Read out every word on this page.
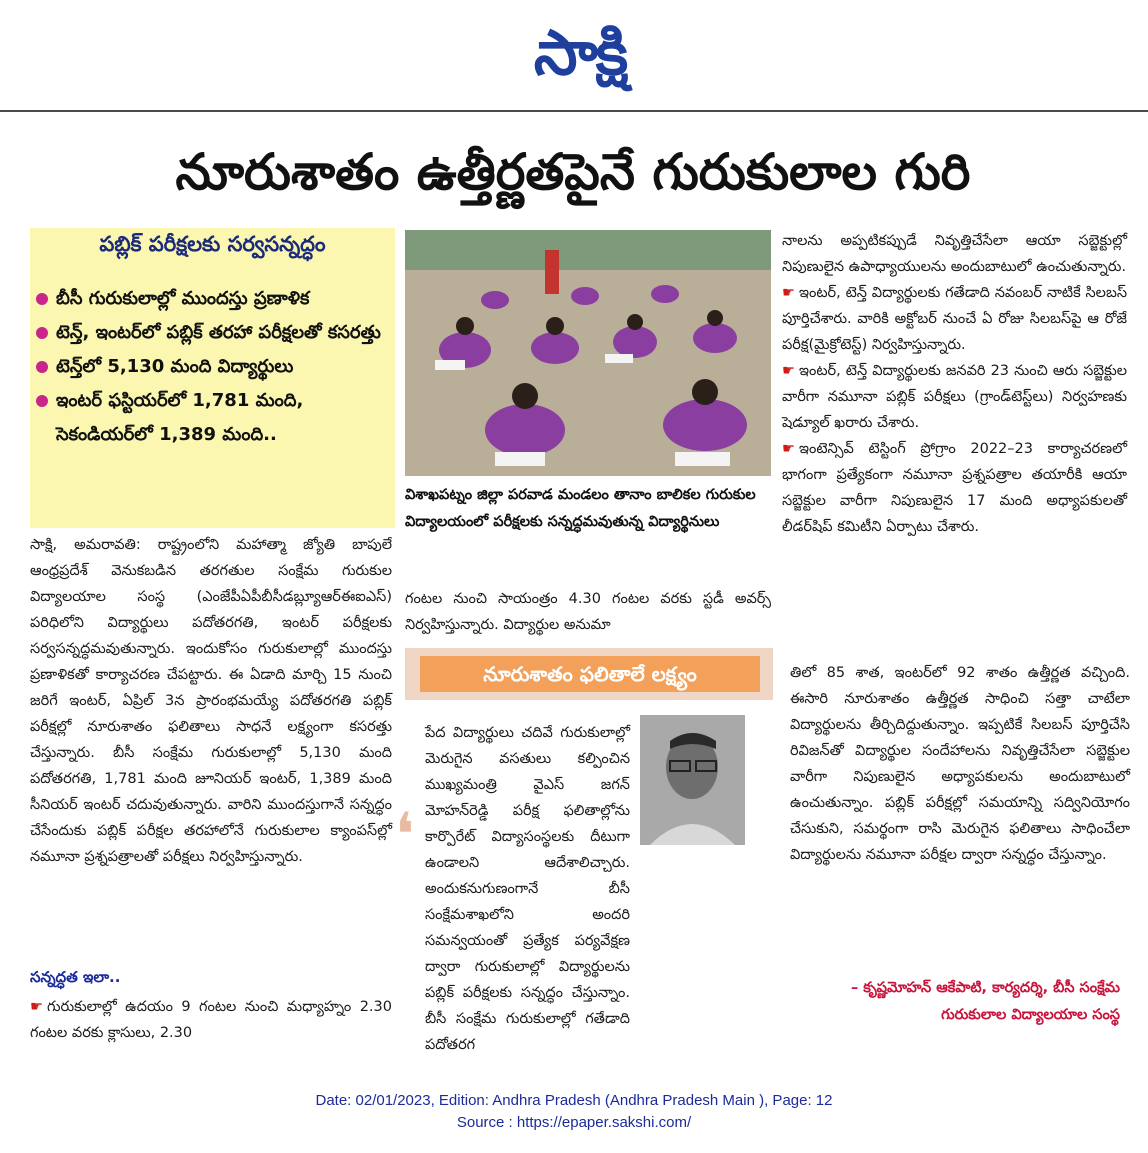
సాక్షి
నూరుశాతం ఉత్తీర్ణతపైనే గురుకులాల గురి
పబ్లిక్ పరీక్షలకు సర్వసన్నద్ధం
బీసీ గురుకులాల్లో ముందస్తు ప్రణాళిక
టెన్త్, ఇంటర్‌లో పబ్లిక్ తరహా పరీక్షలతో కసరత్తు
టెన్త్‌లో 5,130 మంది విద్యార్థులు
ఇంటర్ ఫస్టియర్‌లో 1,781 మంది, సెకండియర్‌లో 1,389 మంది..

సాక్షి, అమరావతి: రాష్ట్రంలోని మహాత్మా జ్యోతి బాపులే ఆంధ్రప్రదేశ్ వెనుకబడిన తరగతుల సంక్షేమ గురుకుల విద్యాలయాల సంస్థ (ఎంజేపీఏపీబీసీడబ్ల్యూఆర్ఈఐఎస్) పరిధిలోని విద్యార్థులు పదోతరగతి, ఇంటర్ పరీక్షలకు సర్వసన్నద్ధమవుతున్నారు. ఇందుకోసం గురుకులాల్లో ముందస్తు ప్రణాళికతో కార్యాచరణ చేపట్టారు. ఈ ఏడాది మార్చి 15 నుంచి జరిగే ఇంటర్, ఏప్రిల్ 3న ప్రారంభమయ్యే పదోతరగతి పబ్లిక్ పరీక్షల్లో నూరుశాతం ఫలితాలు సాధనే లక్ష్యంగా కసరత్తు చేస్తున్నారు. బీసీ సంక్షేమ గురుకులాల్లో 5,130 మంది పదోతరగతి, 1,781 మంది జూనియర్ ఇంటర్, 1,389 మంది సీనియర్ ఇంటర్ చదువుతున్నారు. వారిని ముందస్తుగానే సన్నద్ధం చేసేందుకు పబ్లిక్ పరీక్షల తరహాలోనే గురుకులాల క్యాంపస్‌ల్లో నమూనా ప్రశ్నపత్రాలతో పరీక్షలు నిర్వహిస్తున్నారు.

సన్నద్ధత ఇలా..
☛ గురుకులాల్లో ఉదయం 9 గంటల నుంచి మధ్యాహ్నం 2.30 గంటల వరకు క్లాసులు, 2.30
విశాఖపట్నం జిల్లా పరవాడ మండలం తానాం బాలికల గురుకుల విద్యాలయంలో పరీక్షలకు సన్నద్ధమవుతున్న విద్యార్థినులు
గంటల నుంచి సాయంత్రం 4.30 గంటల వరకు స్టడీ అవర్స్ నిర్వహిస్తున్నారు. విద్యార్థుల అనుమా

నాలను అప్పటికప్పుడే నివృత్తిచేసేలా ఆయా సబ్జెక్టుల్లో నిపుణులైన ఉపాధ్యాయులను అందుబాటులో ఉంచుతున్నారు.

☛ ఇంటర్, టెన్త్ విద్యార్థులకు గతేడాది నవంబర్ నాటికే సిలబస్ పూర్తిచేశారు. వారికి అక్టోబర్ నుంచే ఏ రోజు సిలబస్‌పై ఆ రోజే పరీక్ష(మైక్రోటెస్ట్) నిర్వహిస్తున్నారు.

☛ ఇంటర్, టెన్త్ విద్యార్థులకు జనవరి 23 నుంచి ఆరు సబ్జెక్టుల వారీగా నమూనా పబ్లిక్ పరీక్షలు (గ్రాండ్‌టెస్ట్‌లు) నిర్వహణకు షెడ్యూల్ ఖరారు చేశారు.

☛ ఇంటెన్సివ్ టెస్టింగ్ ప్రోగ్రాం 2022–23 కార్యాచరణలో భాగంగా ప్రత్యేకంగా నమూనా ప్రశ్నపత్రాల తయారీకి ఆయా సబ్జెక్టుల వారీగా నిపుణులైన 17 మంది అధ్యాపకులతో లీడర్‌షిప్ కమిటీని ఏర్పాటు చేశారు.

నూరుశాతం ఫలితాలే లక్ష్యం
❛
పేద విద్యార్థులు చదివే గురుకులాల్లో మెరుగైన వసతులు కల్పించిన ముఖ్యమంత్రి వైఎస్ జగన్ మోహన్‌రెడ్డి పరీక్ష ఫలితాల్లోను కార్పొరేట్ విద్యాసంస్థలకు దీటుగా ఉండాలని ఆదేశాలిచ్చారు. అందుకనుగుణంగానే బీసీ సంక్షేమశాఖలోని అందరి సమన్వయంతో ప్రత్యేక పర్యవేక్షణ ద్వారా గురుకులాల్లో విద్యార్థులను పబ్లిక్ పరీక్షలకు సన్నద్ధం చేస్తున్నాం. బీసీ సంక్షేమ గురుకులాల్లో గతేడాది పదోతరగ
తిలో 85 శాత, ఇంటర్‌లో 92 శాతం ఉత్తీర్ణత వచ్చింది. ఈసారి నూరుశాతం ఉత్తీర్ణత సాధించి సత్తా చాటేలా విద్యార్థులను తీర్చిదిద్దుతున్నాం. ఇప్పటికే సిలబస్ పూర్తిచేసి రివిజన్‌తో విద్యార్థుల సందేహాలను నివృత్తిచేసేలా సబ్జెక్టుల వారీగా నిపుణులైన అధ్యాపకులను అందుబాటులో ఉంచుతున్నాం. పబ్లిక్ పరీక్షల్లో సమయాన్ని సద్వినియోగం చేసుకుని, సమర్థంగా రాసి మెరుగైన ఫలితాలు సాధించేలా విద్యార్థులను నమూనా పరీక్షల ద్వారా సన్నద్ధం చేస్తున్నాం.
– కృష్ణమోహన్ ఆకేపాటి, కార్యదర్శి, బీసీ సంక్షేమ గురుకులాల విద్యాలయాల సంస్థ
Date: 02/01/2023, Edition: Andhra Pradesh (Andhra Pradesh Main ), Page: 12
Source : https://epaper.sakshi.com/
